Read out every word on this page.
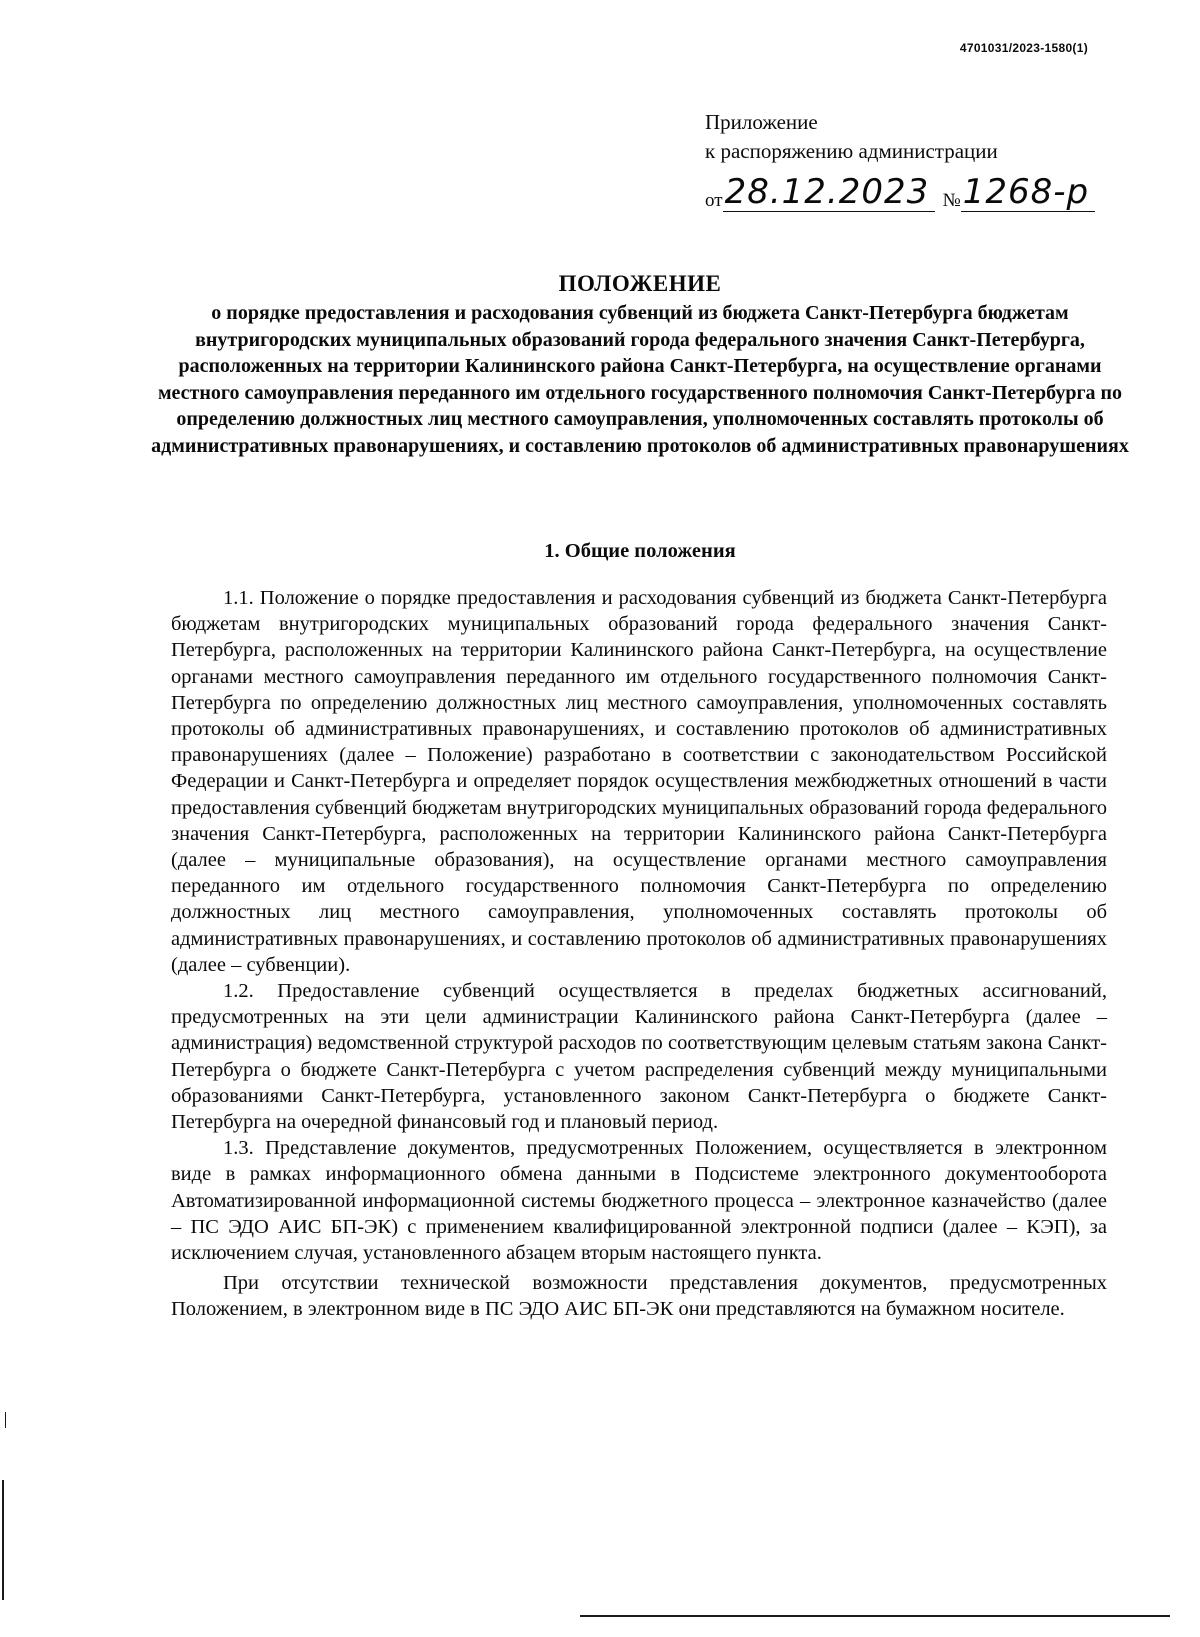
4701031/2023-1580(1)
Приложение
к распоряжению администрации
от 28.12.2023 № 1268-р
ПОЛОЖЕНИЕ
о порядке предоставления и расходования субвенций из бюджета Санкт-Петербурга бюджетам внутригородских муниципальных образований города федерального значения Санкт-Петербурга, расположенных на территории Калининского района Санкт-Петербурга, на осуществление органами местного самоуправления переданного им отдельного государственного полномочия Санкт-Петербурга по определению должностных лиц местного самоуправления, уполномоченных составлять протоколы об административных правонарушениях, и составлению протоколов об административных правонарушениях
1. Общие положения

1.1. Положение о порядке предоставления и расходования субвенций из бюджета Санкт-Петербурга бюджетам внутригородских муниципальных образований города федерального значения Санкт-Петербурга, расположенных на территории Калининского района Санкт-Петербурга, на осуществление органами местного самоуправления переданного им отдельного государственного полномочия Санкт-Петербурга по определению должностных лиц местного самоуправления, уполномоченных составлять протоколы об административных правонарушениях, и составлению протоколов об административных правонарушениях (далее – Положение) разработано в соответствии с законодательством Российской Федерации и Санкт-Петербурга и определяет порядок осуществления межбюджетных отношений в части предоставления субвенций бюджетам внутригородских муниципальных образований города федерального значения Санкт-Петербурга, расположенных на территории Калининского района Санкт-Петербурга (далее – муниципальные образования), на осуществление органами местного самоуправления переданного им отдельного государственного полномочия Санкт-Петербурга по определению должностных лиц местного самоуправления, уполномоченных составлять протоколы об административных правонарушениях, и составлению протоколов об административных правонарушениях (далее – субвенции).

1.2. Предоставление субвенций осуществляется в пределах бюджетных ассигнований, предусмотренных на эти цели администрации Калининского района Санкт-Петербурга (далее – администрация) ведомственной структурой расходов по соответствующим целевым статьям закона Санкт-Петербурга о бюджете Санкт-Петербурга с учетом распределения субвенций между муниципальными образованиями Санкт-Петербурга, установленного законом Санкт-Петербурга о бюджете Санкт-Петербурга на очередной финансовый год и плановый период.

1.3. Представление документов, предусмотренных Положением, осуществляется в электронном виде в рамках информационного обмена данными в Подсистеме электронного документооборота Автоматизированной информационной системы бюджетного процесса – электронное казначейство (далее – ПС ЭДО АИС БП-ЭК) с применением квалифицированной электронной подписи (далее – КЭП), за исключением случая, установленного абзацем вторым настоящего пункта.

При отсутствии технической возможности представления документов, предусмотренных Положением, в электронном виде в ПС ЭДО АИС БП-ЭК они представляются на бумажном носителе.
